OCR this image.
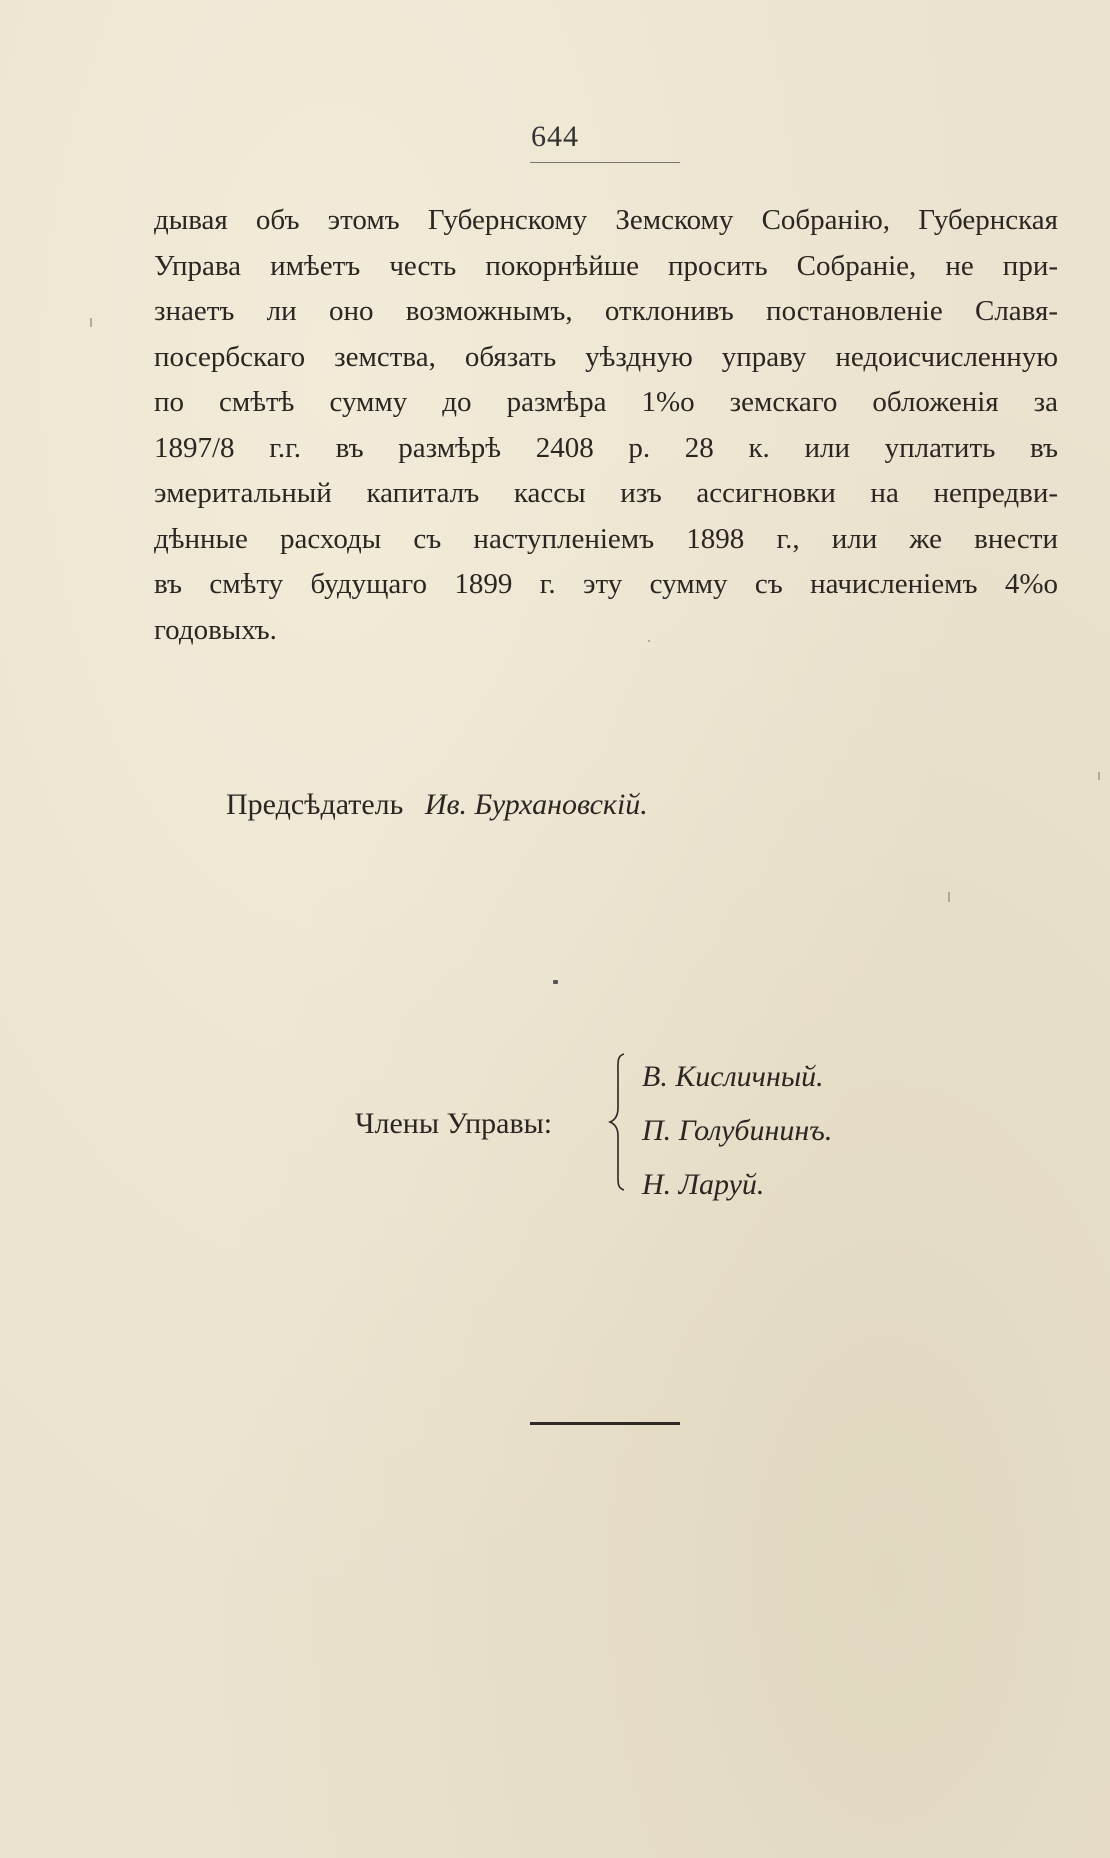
644
дывая объ этомъ Губернскому Земскому Собранію, Губернская
Управа имѣетъ честь покорнѣйше просить Собраніе, не при-
знаетъ ли оно возможнымъ, отклонивъ постановленіе Славя-
посербскаго земства, обязать уѣздную управу недоисчисленную
по смѣтѣ сумму до размѣра 1%о земскаго обложенія за
1897/8 г.г. въ размѣрѣ 2408 р. 28 к. или уплатить въ
эмеритальный капиталъ кассы изъ ассигновки на непредви-
дѣнные расходы съ наступленіемъ 1898 г., или же внести
въ смѣту будущаго 1899 г. эту сумму съ начисленіемъ 4%о
годовыхъ.
Предсѣдатель Ив. Бурхановскій.
Члены Управы:
В. Кисличный.
П. Голубининъ.
Н. Ларуй.
